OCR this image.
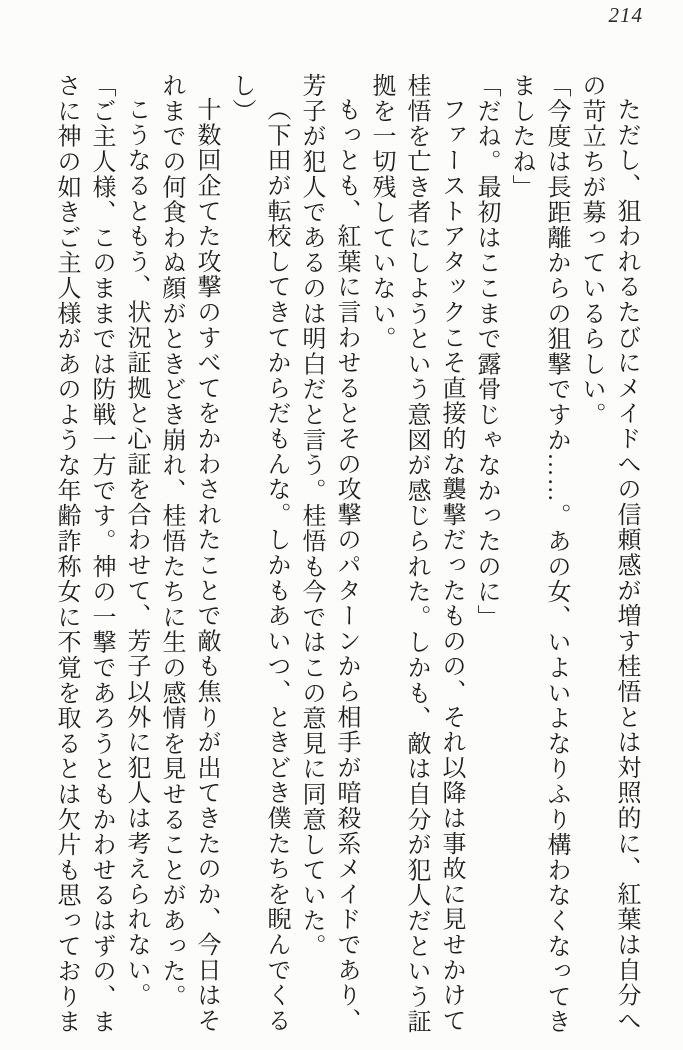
214

ただし、狙われるたびにメイドへの信頼感が増す桂悟とは対照的に、紅葉は自分への苛立ちが募っているらしい。

「今度は長距離からの狙撃ですか……。あの女、いよいよなりふり構わなくなってきましたね」

「だね。最初はここまで露骨じゃなかったのに」

ファーストアタックこそ直接的な襲撃だったものの、それ以降は事故に見せかけて桂悟を亡き者にしようという意図が感じられた。しかも、敵は自分が犯人だという証拠を一切残していない。

もっとも、紅葉に言わせるとその攻撃のパターンから相手が暗殺系メイドであり、芳子が犯人であるのは明白だと言う。桂悟も今ではこの意見に同意していた。

（下田が転校してきてからだもんな。しかもあいつ、ときどき僕たちを睨んでくるし）

十数回企てた攻撃のすべてをかわされたことで敵も焦りが出てきたのか、今日はそれまでの何食わぬ顔がときどき崩れ、桂悟たちに生の感情を見せることがあった。

こうなるともう、状況証拠と心証を合わせて、芳子以外に犯人は考えられない。

「ご主人様、このままでは防戦一方です。神の一撃であろうともかわせるはずの、まさに神の如きご主人様があのような年齢詐称女に不覚を取るとは欠片も思っておりま
